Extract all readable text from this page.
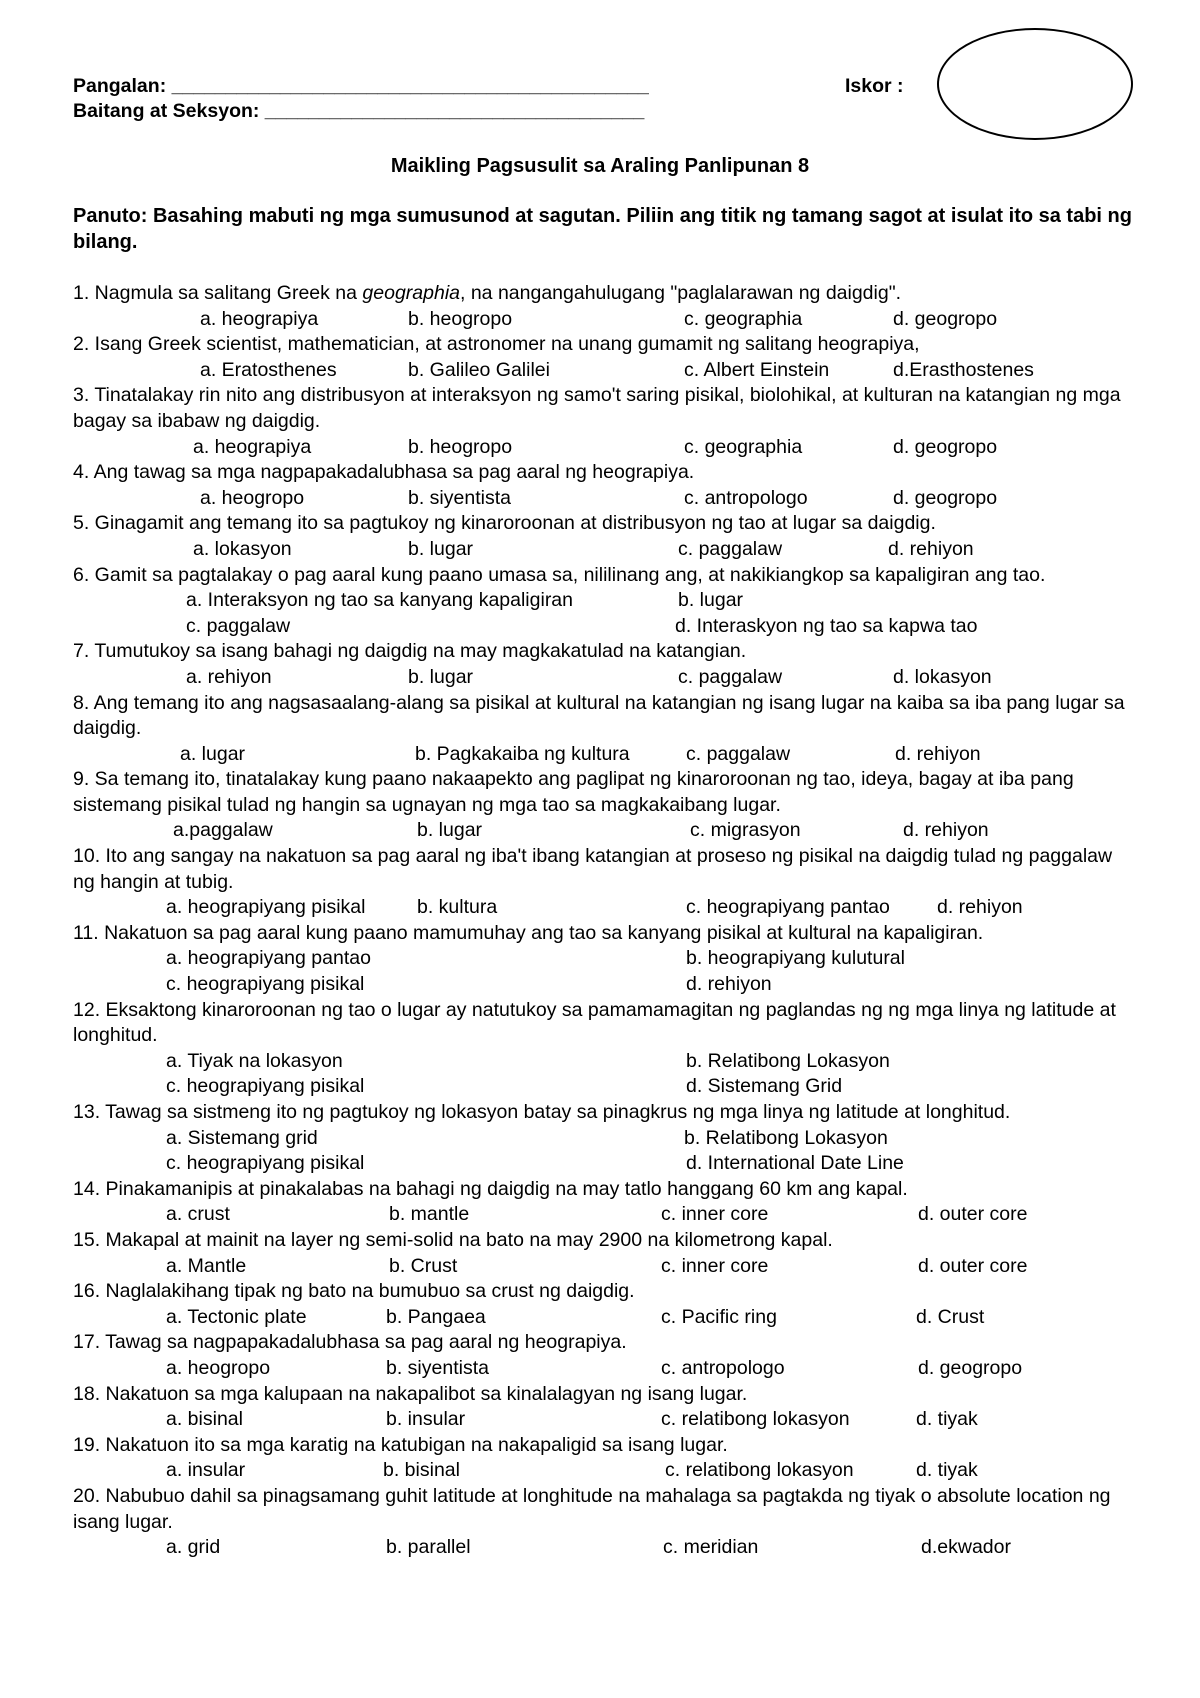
Pangalan: ____________________________________________
Baitang at Seksyon: ___________________________________
Iskor :
Maikling Pagsusulit sa Araling Panlipunan 8
Panuto: Basahing mabuti ng mga sumusunod at sagutan. Piliin ang titik ng tamang sagot at isulat ito sa tabi ng bilang.
1. Nagmula sa salitang Greek na geographia, na nangangahulugang "paglalarawan ng daigdig".
a. heograpiya	b. heogropo	c. geographia	d. geogropo
2. Isang Greek scientist, mathematician, at astronomer na unang gumamit ng salitang heograpiya,
a. Eratosthenes	b. Galileo Galilei	c. Albert Einstein	d.Erasthostenes
3. Tinatalakay rin nito ang distribusyon at interaksyon ng samo't saring pisikal, biolohikal, at kulturan na katangian ng mga bagay sa ibabaw ng daigdig.
a. heograpiya	b. heogropo	c. geographia	d. geogropo
4. Ang tawag sa mga nagpapakadalubhasa sa pag aaral ng heograpiya.
a. heogropo	b. siyentista	c. antropologo	d. geogropo
5. Ginagamit ang temang ito sa pagtukoy ng kinaroroonan at distribusyon ng tao at lugar sa daigdig.
a. lokasyon	b. lugar	c. paggalaw	d. rehiyon
6. Gamit sa pagtalakay o pag aaral kung paano umasa sa, nililinang ang, at nakikiangkop sa kapaligiran ang tao.
a. Interaksyon ng tao sa kanyang kapaligiran	b. lugar
c. paggalaw	d. Interaskyon ng tao sa kapwa tao
7. Tumutukoy sa isang bahagi ng daigdig na may magkakatulad na katangian.
a. rehiyon	b. lugar	c. paggalaw	d. lokasyon
8. Ang temang ito ang nagsasaalang-alang sa pisikal at kultural na katangian ng isang lugar na kaiba sa iba pang lugar sa daigdig.
a. lugar	b. Pagkakaiba ng kultura	c. paggalaw	d. rehiyon
9. Sa temang ito, tinatalakay kung paano nakaapekto ang paglipat ng kinaroroonan ng tao, ideya, bagay at iba pang sistemang pisikal tulad ng hangin sa ugnayan ng mga tao sa magkakaibang lugar.
a.paggalaw	b. lugar	c. migrasyon	d. rehiyon
10. Ito ang sangay na nakatuon sa pag aaral ng iba't ibang katangian at proseso ng pisikal na daigdig tulad ng paggalaw ng hangin at tubig.
a. heograpiyang pisikal	b. kultura	c. heograpiyang pantao d. rehiyon
11. Nakatuon sa pag aaral kung paano mamumuhay ang tao sa kanyang pisikal at kultural na kapaligiran.
a. heograpiyang pantao	b. heograpiyang kulutural
c. heograpiyang pisikal	d. rehiyon
12. Eksaktong kinaroroonan ng tao o lugar ay natutukoy sa pamamamagitan ng paglandas ng ng mga linya ng latitude at longhitud.
a. Tiyak na lokasyon	b. Relatibong Lokasyon
c. heograpiyang pisikal	d. Sistemang Grid
13. Tawag sa sistmeng ito ng pagtukoy ng lokasyon batay sa pinagkrus ng mga linya ng latitude at longhitud.
a. Sistemang grid	b. Relatibong Lokasyon
c. heograpiyang pisikal	d. International Date Line
14. Pinakamanipis at pinakalabas na bahagi ng daigdig na may tatlo hanggang 60 km ang kapal.
a. crust	b. mantle	c. inner core	d. outer core
15. Makapal at mainit na layer ng semi-solid na bato na may 2900 na kilometrong kapal.
a. Mantle	b. Crust	c. inner core	d. outer core
16. Naglalakihang tipak ng bato na bumubuo sa crust ng daigdig.
a. Tectonic plate	b. Pangaea	c. Pacific ring	d. Crust
17. Tawag sa nagpapakadalubhasa sa pag aaral ng heograpiya.
a. heogropo	b. siyentista	c. antropologo	d. geogropo
18. Nakatuon sa mga kalupaan na nakapalibot sa kinalalagyan ng isang lugar.
a. bisinal	b. insular	c. relatibong lokasyon	d. tiyak
19. Nakatuon ito sa mga karatig na katubigan na nakapaligid sa isang lugar.
a. insular	b. bisinal	c. relatibong lokasyon	d. tiyak
20. Nabubuo dahil sa pinagsamang guhit latitude at longhitude na mahalaga sa pagtakda ng tiyak o absolute location ng isang lugar.
a. grid	b. parallel	c. meridian	d.ekwador
